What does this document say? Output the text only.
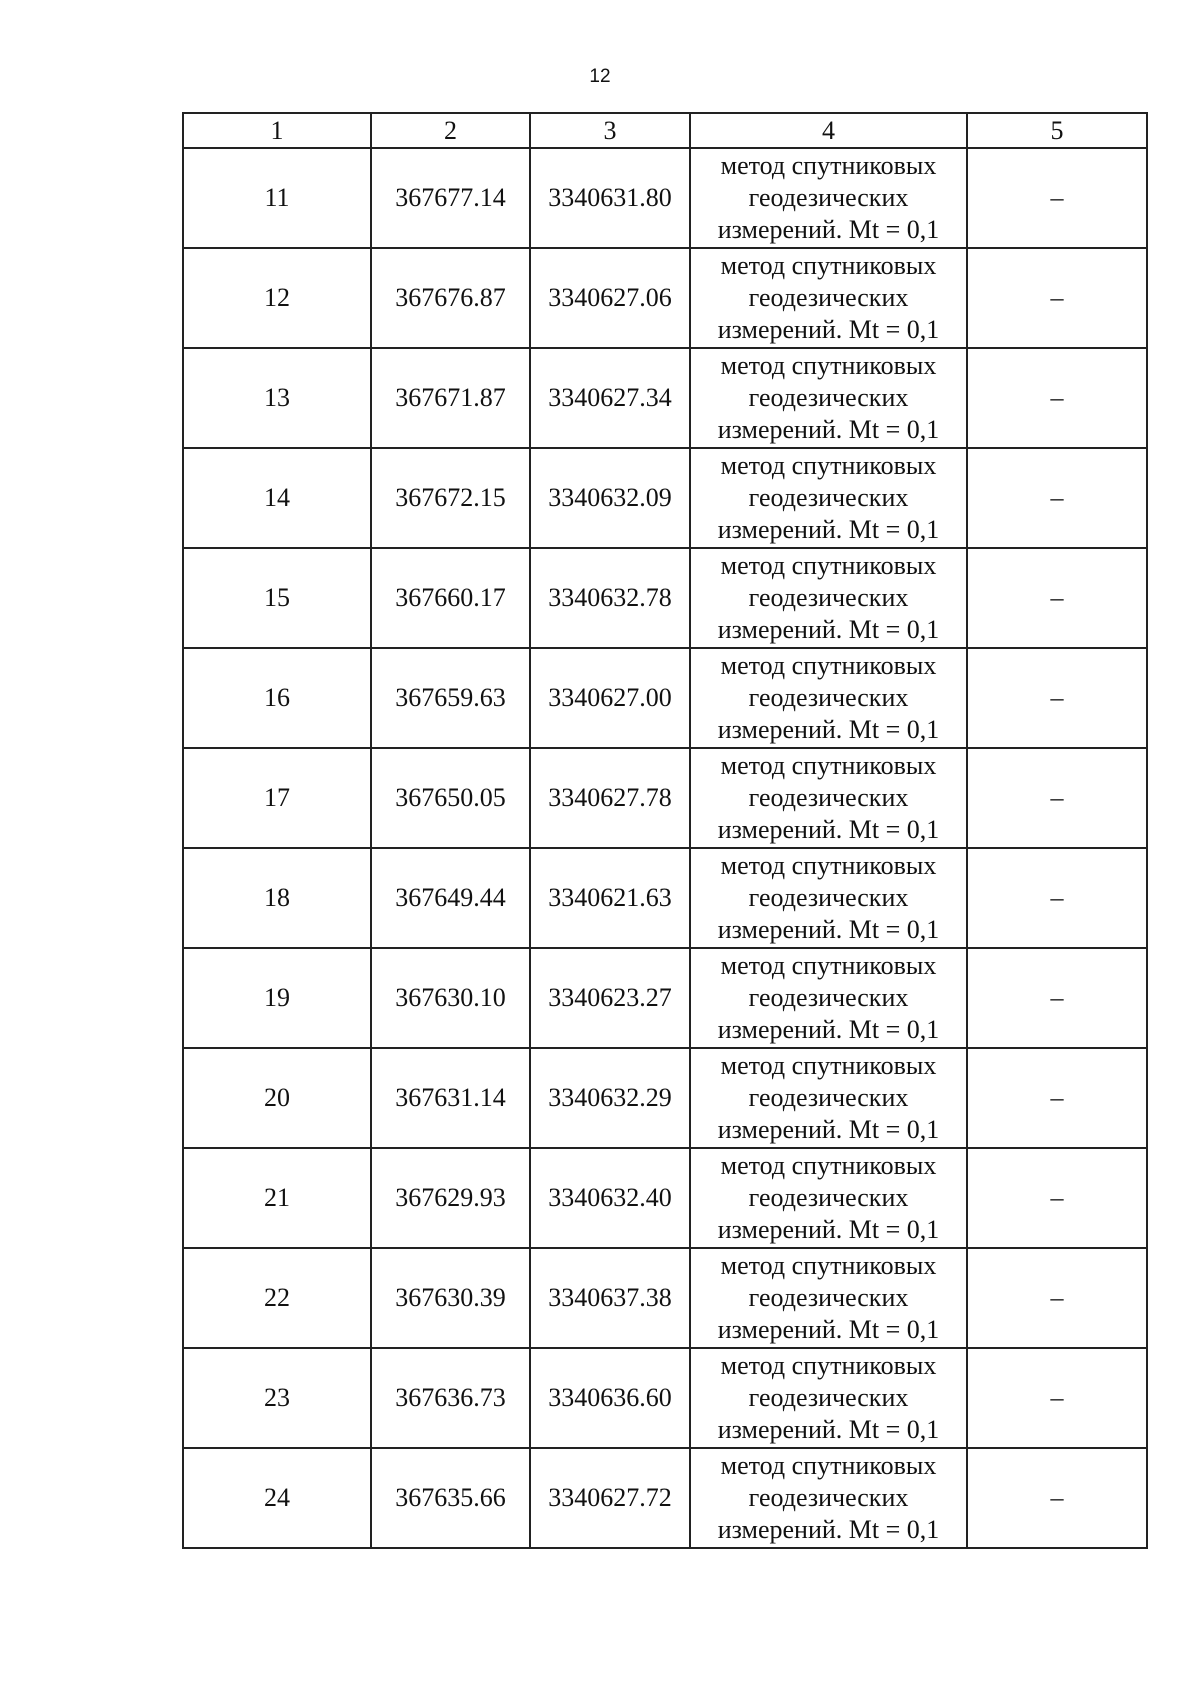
12
1	2	3	4	5
11	367677.14	3340631.80	метод спутниковых
геодезических
измерений. Mt = 0,1	–
12	367676.87	3340627.06	метод спутниковых
геодезических
измерений. Mt = 0,1	–
13	367671.87	3340627.34	метод спутниковых
геодезических
измерений. Mt = 0,1	–
14	367672.15	3340632.09	метод спутниковых
геодезических
измерений. Mt = 0,1	–
15	367660.17	3340632.78	метод спутниковых
геодезических
измерений. Mt = 0,1	–
16	367659.63	3340627.00	метод спутниковых
геодезических
измерений. Mt = 0,1	–
17	367650.05	3340627.78	метод спутниковых
геодезических
измерений. Mt = 0,1	–
18	367649.44	3340621.63	метод спутниковых
геодезических
измерений. Mt = 0,1	–
19	367630.10	3340623.27	метод спутниковых
геодезических
измерений. Mt = 0,1	–
20	367631.14	3340632.29	метод спутниковых
геодезических
измерений. Mt = 0,1	–
21	367629.93	3340632.40	метод спутниковых
геодезических
измерений. Mt = 0,1	–
22	367630.39	3340637.38	метод спутниковых
геодезических
измерений. Mt = 0,1	–
23	367636.73	3340636.60	метод спутниковых
геодезических
измерений. Mt = 0,1	–
24	367635.66	3340627.72	метод спутниковых
геодезических
измерений. Mt = 0,1	–
